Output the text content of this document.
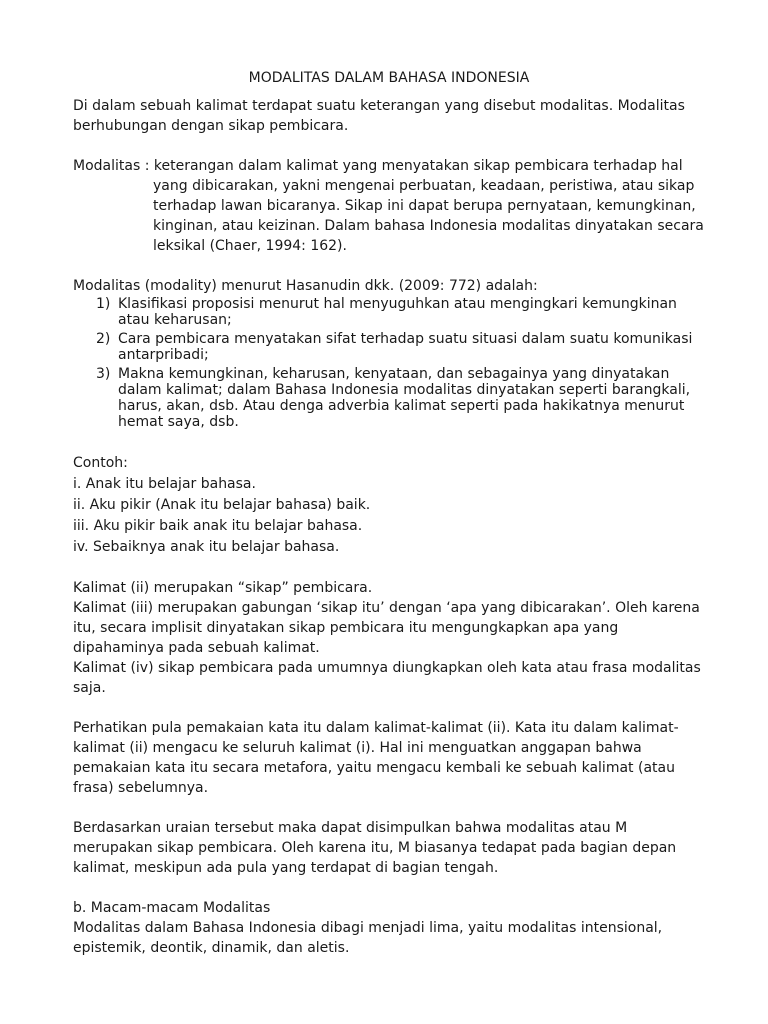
MODALITAS DALAM BAHASA INDONESIA

Di dalam sebuah kalimat terdapat suatu keterangan yang disebut modalitas. Modalitas berhubungan dengan sikap pembicara.

Modalitas : keterangan dalam kalimat yang menyatakan sikap pembicara terhadap hal

yang dibicarakan, yakni mengenai perbuatan, keadaan, peristiwa, atau sikap terhadap lawan bicaranya. Sikap ini dapat berupa pernyataan, kemungkinan, kinginan, atau keizinan. Dalam bahasa Indonesia modalitas dinyatakan secara leksikal (Chaer, 1994: 162).

Modalitas (modality) menurut Hasanudin dkk. (2009: 772) adalah:

1) Klasifikasi proposisi menurut hal menyuguhkan atau mengingkari kemungkinan atau keharusan;
2) Cara pembicara menyatakan sifat terhadap suatu situasi dalam suatu komunikasi antarpribadi;
3) Makna kemungkinan, keharusan, kenyataan, dan sebagainya yang dinyatakan dalam kalimat; dalam Bahasa Indonesia modalitas dinyatakan seperti barangkali, harus, akan, dsb. Atau denga adverbia kalimat seperti pada hakikatnya menurut hemat saya, dsb.

Contoh:

i. Anak itu belajar bahasa.

ii. Aku pikir (Anak itu belajar bahasa) baik.

iii. Aku pikir baik anak itu belajar bahasa.

iv. Sebaiknya anak itu belajar bahasa.

Kalimat (ii) merupakan “sikap” pembicara.

Kalimat (iii) merupakan gabungan ‘sikap itu’ dengan ‘apa yang dibicarakan’. Oleh karena itu, secara implisit dinyatakan sikap pembicara itu mengungkapkan apa yang dipahaminya pada sebuah kalimat.

Kalimat (iv) sikap pembicara pada umumnya diungkapkan oleh kata atau frasa modalitas saja.

Perhatikan pula pemakaian kata itu dalam kalimat-kalimat (ii). Kata itu dalam kalimat-kalimat (ii) mengacu ke seluruh kalimat (i). Hal ini menguatkan anggapan bahwa pemakaian kata itu secara metafora, yaitu mengacu kembali ke sebuah kalimat (atau frasa) sebelumnya.

Berdasarkan uraian tersebut maka dapat disimpulkan bahwa modalitas atau M merupakan sikap pembicara. Oleh karena itu, M biasanya tedapat pada bagian depan kalimat, meskipun ada pula yang terdapat di bagian tengah.

b. Macam-macam Modalitas

Modalitas dalam Bahasa Indonesia dibagi menjadi lima, yaitu modalitas intensional, epistemik, deontik, dinamik, dan aletis.
